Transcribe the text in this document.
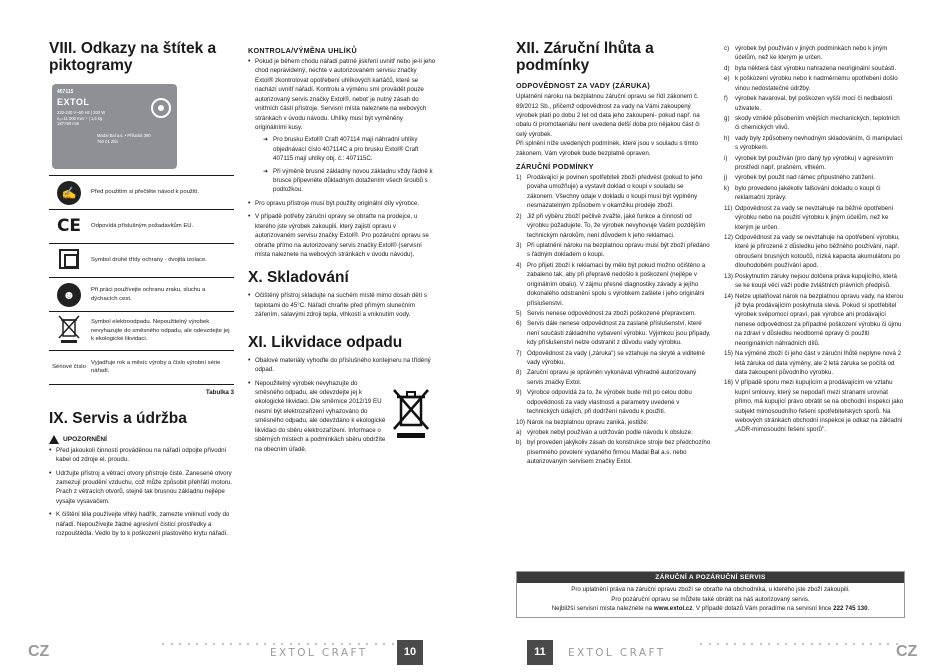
VIII. Odkazy na štítek a piktogramy
407115
EXTOL
220-240 V~50 Hz | 200 W
n₀=11 000 min⁻¹ | 1,5 kg
187×90 mm
Madal Bal a.s. • Přílucká 390
760 01 Zlín
✍	Před použitím si přečtěte návod k použití.
CE	Odpovídá příslušným požadavkům EU.
	Symbol druhé třídy ochrany - dvojitá izolace.
☻	Při práci používejte ochranu zraku, sluchu a dýchacích cest.
	Symbol elektroodpadu. Nepoužitelný výrobek nevyhazujte do směsného odpadu, ale odevzdejte jej k ekologické likvidaci.
Sériové číslo	Vyjadřuje rok a měsíc výroby a číslo výrobní série nářadí.
Tabulka 3
IX. Servis a údržba
UPOZORNĚNÍ
• Před jakoukoli činností prováděnou na nářadí odpojte přívodní kabel od zdroje el. proudu.
• Udržujte přístroj a větrací otvory přístroje čisté. Zanesené otvory zamezují proudění vzduchu, což může způsobit přehřátí motoru. Prach z větracích otvorů, stejně tak brusnou základnu nejlépe vysajte vysavačem.
• K čištění těla používejte vlhký hadřík, zamezte vniknutí vody do nářadí. Nepoužívejte žádné agresivní čisticí prostředky a rozpouštědla. Vedlo by to k poškození plastového krytu nářadí.
KONTROLA/VÝMĚNA UHLÍKŮ
• Pokud je během chodu nářadí patrné jiskření uvnitř nebo je-li jeho chod nepravidelný, nechte v autorizovaném servisu značky Extol® zkontrolovat opotřebení uhlíkových kartáčů, které se nachází uvnitř nářadí. Kontrolu a výměnu smí provádět pouze autorizovaný servis značky Extol®, neboť je nutný zásah do vnitřních částí přístroje. Servisní místa naleznete na webových stránkách v úvodu návodu. Uhlíky musí být vyměněny originálními kusy.
➜ Pro brusku Extol® Craft 407114 mají náhradní uhlíky objednávací číslo 407114C a pro brusku Extol® Craft 407115 mají uhlíky obj. č.: 407115C.
➜ Při výměně brusné základny novou základnu vždy řádně k brusce připevněte důkladným dotažením všech šroubů s podložkou.
• Pro opravu přístroje musí být použity originální díly výrobce.
• V případě potřeby záruční opravy se obraťte na prodejce, u kterého jste výrobek zakoupili, který zajistí opravu v autorizovaném servisu značky Extol®. Pro pozáruční opravu se obraťte přímo na autorizovaný servis značky Extol® (servisní místa naleznete na webových stránkách v úvodu návodu).
X. Skladování
• Očištěný přístroj skladujte na suchém místě mimo dosah dětí s teplotami do 45°C. Nářadí chraňte před přímým slunečním zářením, sálavými zdroji tepla, vlhkostí a vniknutím vody.
XI. Likvidace odpadu
• Obalové materiály vyhoďte do příslušného kontejneru na tříděný odpad.
• Nepoužitelný výrobek nevyhazujte do směsného odpadu, ale odevzdejte jej k ekologické likvidaci. Dle směrnice 2012/19 EU nesmí být elektrozařízení vyhazováno do směsného odpadu, ale odevzdáno k ekologické likvidaci do sběru elektrozařízení. Informace o sběrných místech a podmínkách sběru obdržíte na obecním úřadě.
XII. Záruční lhůta a podmínky
ODPOVĚDNOST ZA VADY (ZÁRUKA)

Uplatnění nároku na bezplatnou záruční opravu se řídí zákonem č. 89/2012 Sb., přičemž odpovědnost za vady na Vámi zakoupený výrobek platí po dobu 2 let od data jeho zakoupení- pokud např. na obalu či promotaeriálu není uvedena delší doba pro nějakou část či celý výrobek.

Při splnění níže uvedených podmínek, které jsou v souladu s tímto zákonem, Vám výrobek bude bezplatně opraven.

ZÁRUČNÍ PODMÍNKY
1) Prodávající je povinen spotřebiteli zboží předvést (pokud to jeho povaha umožňuje) a vystavit doklad o koupi v souladu se zákonem. Všechny údaje v dokladu o koupi musí být vyplněny nesmazatelným způsobem v okamžiku prodeje zboží.
2) Již při výběru zboží pečlivě zvažte, jaké funkce a činnosti od výrobku požadujete. To, že výrobek nevyhovuje Vašim pozdějším technickým nárokům, není důvodem k jeho reklamaci.
3) Při uplatnění nároku na bezplatnou opravu musí být zboží předáno s řádným dokladem o koupi.
4) Pro přijetí zboží k reklamaci by mělo být pokud možno očištěno a zabaleno tak, aby při přepravě nedošlo k poškození (nejlépe v originálním obalu). V zájmu přesné diagnostiky závady a jejího dokonalého odstranění spolu s výrobkem zašlete i jeho originální příslušenství.
5) Servis nenese odpovědnost za zboží poškozené přepravcem.
6) Servis dále nenese odpovědnost za zaslané příslušenství, které není součástí základního vybavení výrobku. Výjimkou jsou případy, kdy příslušenství nelze odstranit z důvodu vady výrobku.
7) Odpovědnost za vady („záruka") se vztahuje na skryté a viditelné vady výrobku.
8) Záruční opravu je oprávněn vykonávat výhradně autorizovaný servis značky Extol.
9) Výrobce odpovídá za to, že výrobek bude mít po celou dobu odpovědnosti za vady vlastnosti a parametry uvedené v technických údajích, při dodržení návodu k použití.
10) Nárok na bezplatnou opravu zaniká, jestliže:
a) výrobek nebyl používán a udržován podle návodu k obsluze.
b) byl proveden jakýkoliv zásah do konstrukce stroje bez předchozího písemného povolení vydaného firmou Madal Bal a.s. nebo autorizovaným servisem značky Extol.

c) výrobek byl používán v jiných podmínkách nebo k jiným účelům, než ke kterým je určen.
d) byla některá část výrobku nahrazena neoriginální součástí.
e) k poškození výrobku nebo k nadměrnému opotřebení došlo vinou nedostatečné údržby.
f) výrobek havaroval, byl poškozen vyšší mocí či nedbalostí uživatele.
g) skody vzniklé působením vnějších mechanických, teplotních či chemických vlivů.
h) vady byly způsobeny nevhodným skladováním, či manipulací s výrobkem.
i) výrobek byl používán (pro daný typ výrobku) v agresivním prostředí např. prašném, vlhkém.
j) výrobek byl použit nad rámec přípustného zatížení.
k) bylo provedeno jakékoliv falšování dokladu o koupi či reklamační zprávy.
11) Odpovědnost za vady se nevztahuje na běžné opotřebení výrobku nebo na použití výrobku k jiným účelům, než ke kterým je určen.
12) Odpovědnost za vady se nevztahuje na opotřebení výrobku, které je přirozené z důsledku jeho běžného používání, např. obroušení brusných kotoučů, nízká kapacita akumulátoru po dlouhodobém používání apod.
13) Poskytnutím záruky nejsou dotčena práva kupujícího, která se ke koupi věci váží podle zvláštních právních předpisů.
14) Nelze uplatňovat nárok na bezplatnou opravu vady, na kterou již byla prodávajícím poskytnuta sleva. Pokud si spotřebitel výrobek svépomocí opraví, pak výrobce ani prodávající nenese odpovědnost za případné poškození výrobku či újmu na zdraví v důsledku neodborné opravy či použití neoriginálních náhradních dílů.
15) Na výměné zboží či jeho část v záruční lhůtě neplyne nová 2 letá záruka od data výměny, ale 2 letá záruka se počítá od data zakoupení původního výrobku.
16) V případě sporu mezi kupujícím a prodávajícím ve vztahu kupní smlouvy, který se nepodaří mezi stranami urovnat přímo, má kupující právo obrátit se na obchodní inspekci jako subjekt mimosoudního řešení spotřebitelských sporů. Na webových stránkách obchodní inspekce je odkaz na základní „ADR-mimosoudní řešení sporů".
ZÁRUČNÍ A POZÁRUČNÍ SERVIS
Pro uplatnění práva na záruční opravu zboží se obraťte na obchodníka, u kterého jste zboží zakoupili.
Pro pozáruční opravu se můžete také obrátit na náš autorizovaný servis.
Nejbližší servisní místa naleznete na www.extol.cz. V případě dotazů Vám poradíme na servisní lince 222 745 130.
CZ	EXTOL CRAFT	10	11	EXTOL CRAFT	CZ
